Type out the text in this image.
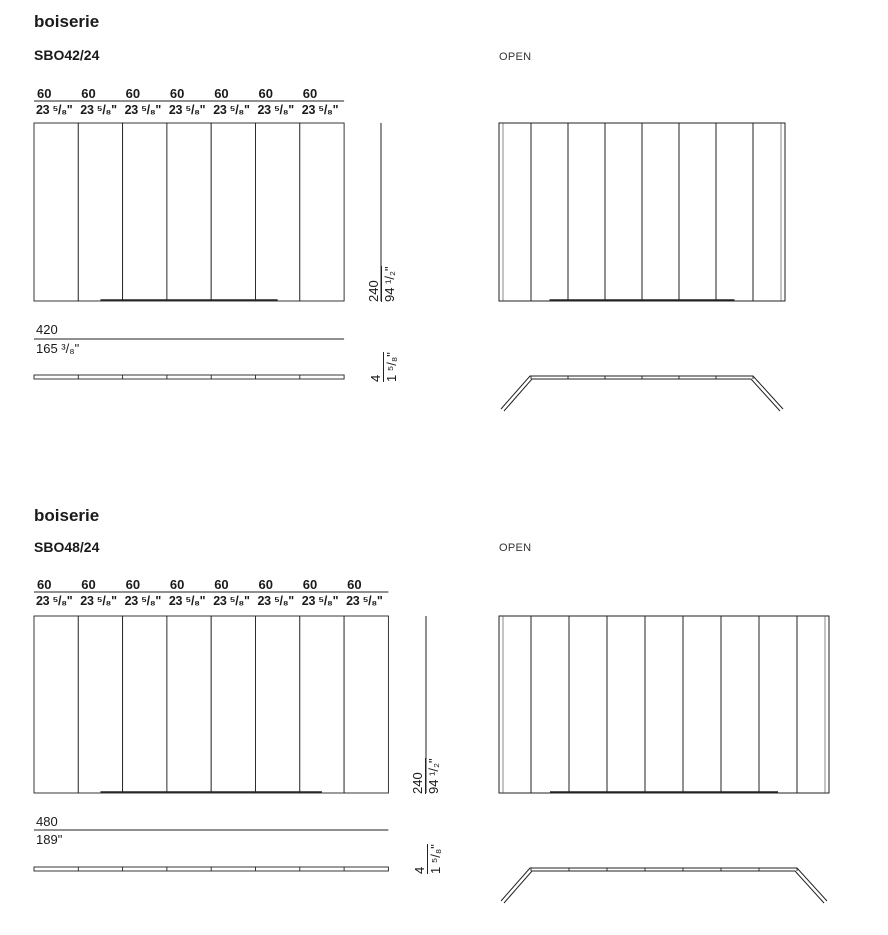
boiserie
SBO42/24	OPEN
60
23 ⁵/₈"
60
23 ⁵/₈"
60
23 ⁵/₈"
60
23 ⁵/₈"
60
23 ⁵/₈"
60
23 ⁵/₈"
60
23 ⁵/₈"
420
165 ³/₈"
240 94 ¹/₂"
4 1 ⁵/₈"
boiserie
SBO48/24	OPEN
60
23 ⁵/₈"
60
23 ⁵/₈"
60
23 ⁵/₈"
60
23 ⁵/₈"
60
23 ⁵/₈"
60
23 ⁵/₈"
60
23 ⁵/₈"
60
23 ⁵/₈"
480
189"
240 94 ¹/₂"
4 1 ⁵/₈"
